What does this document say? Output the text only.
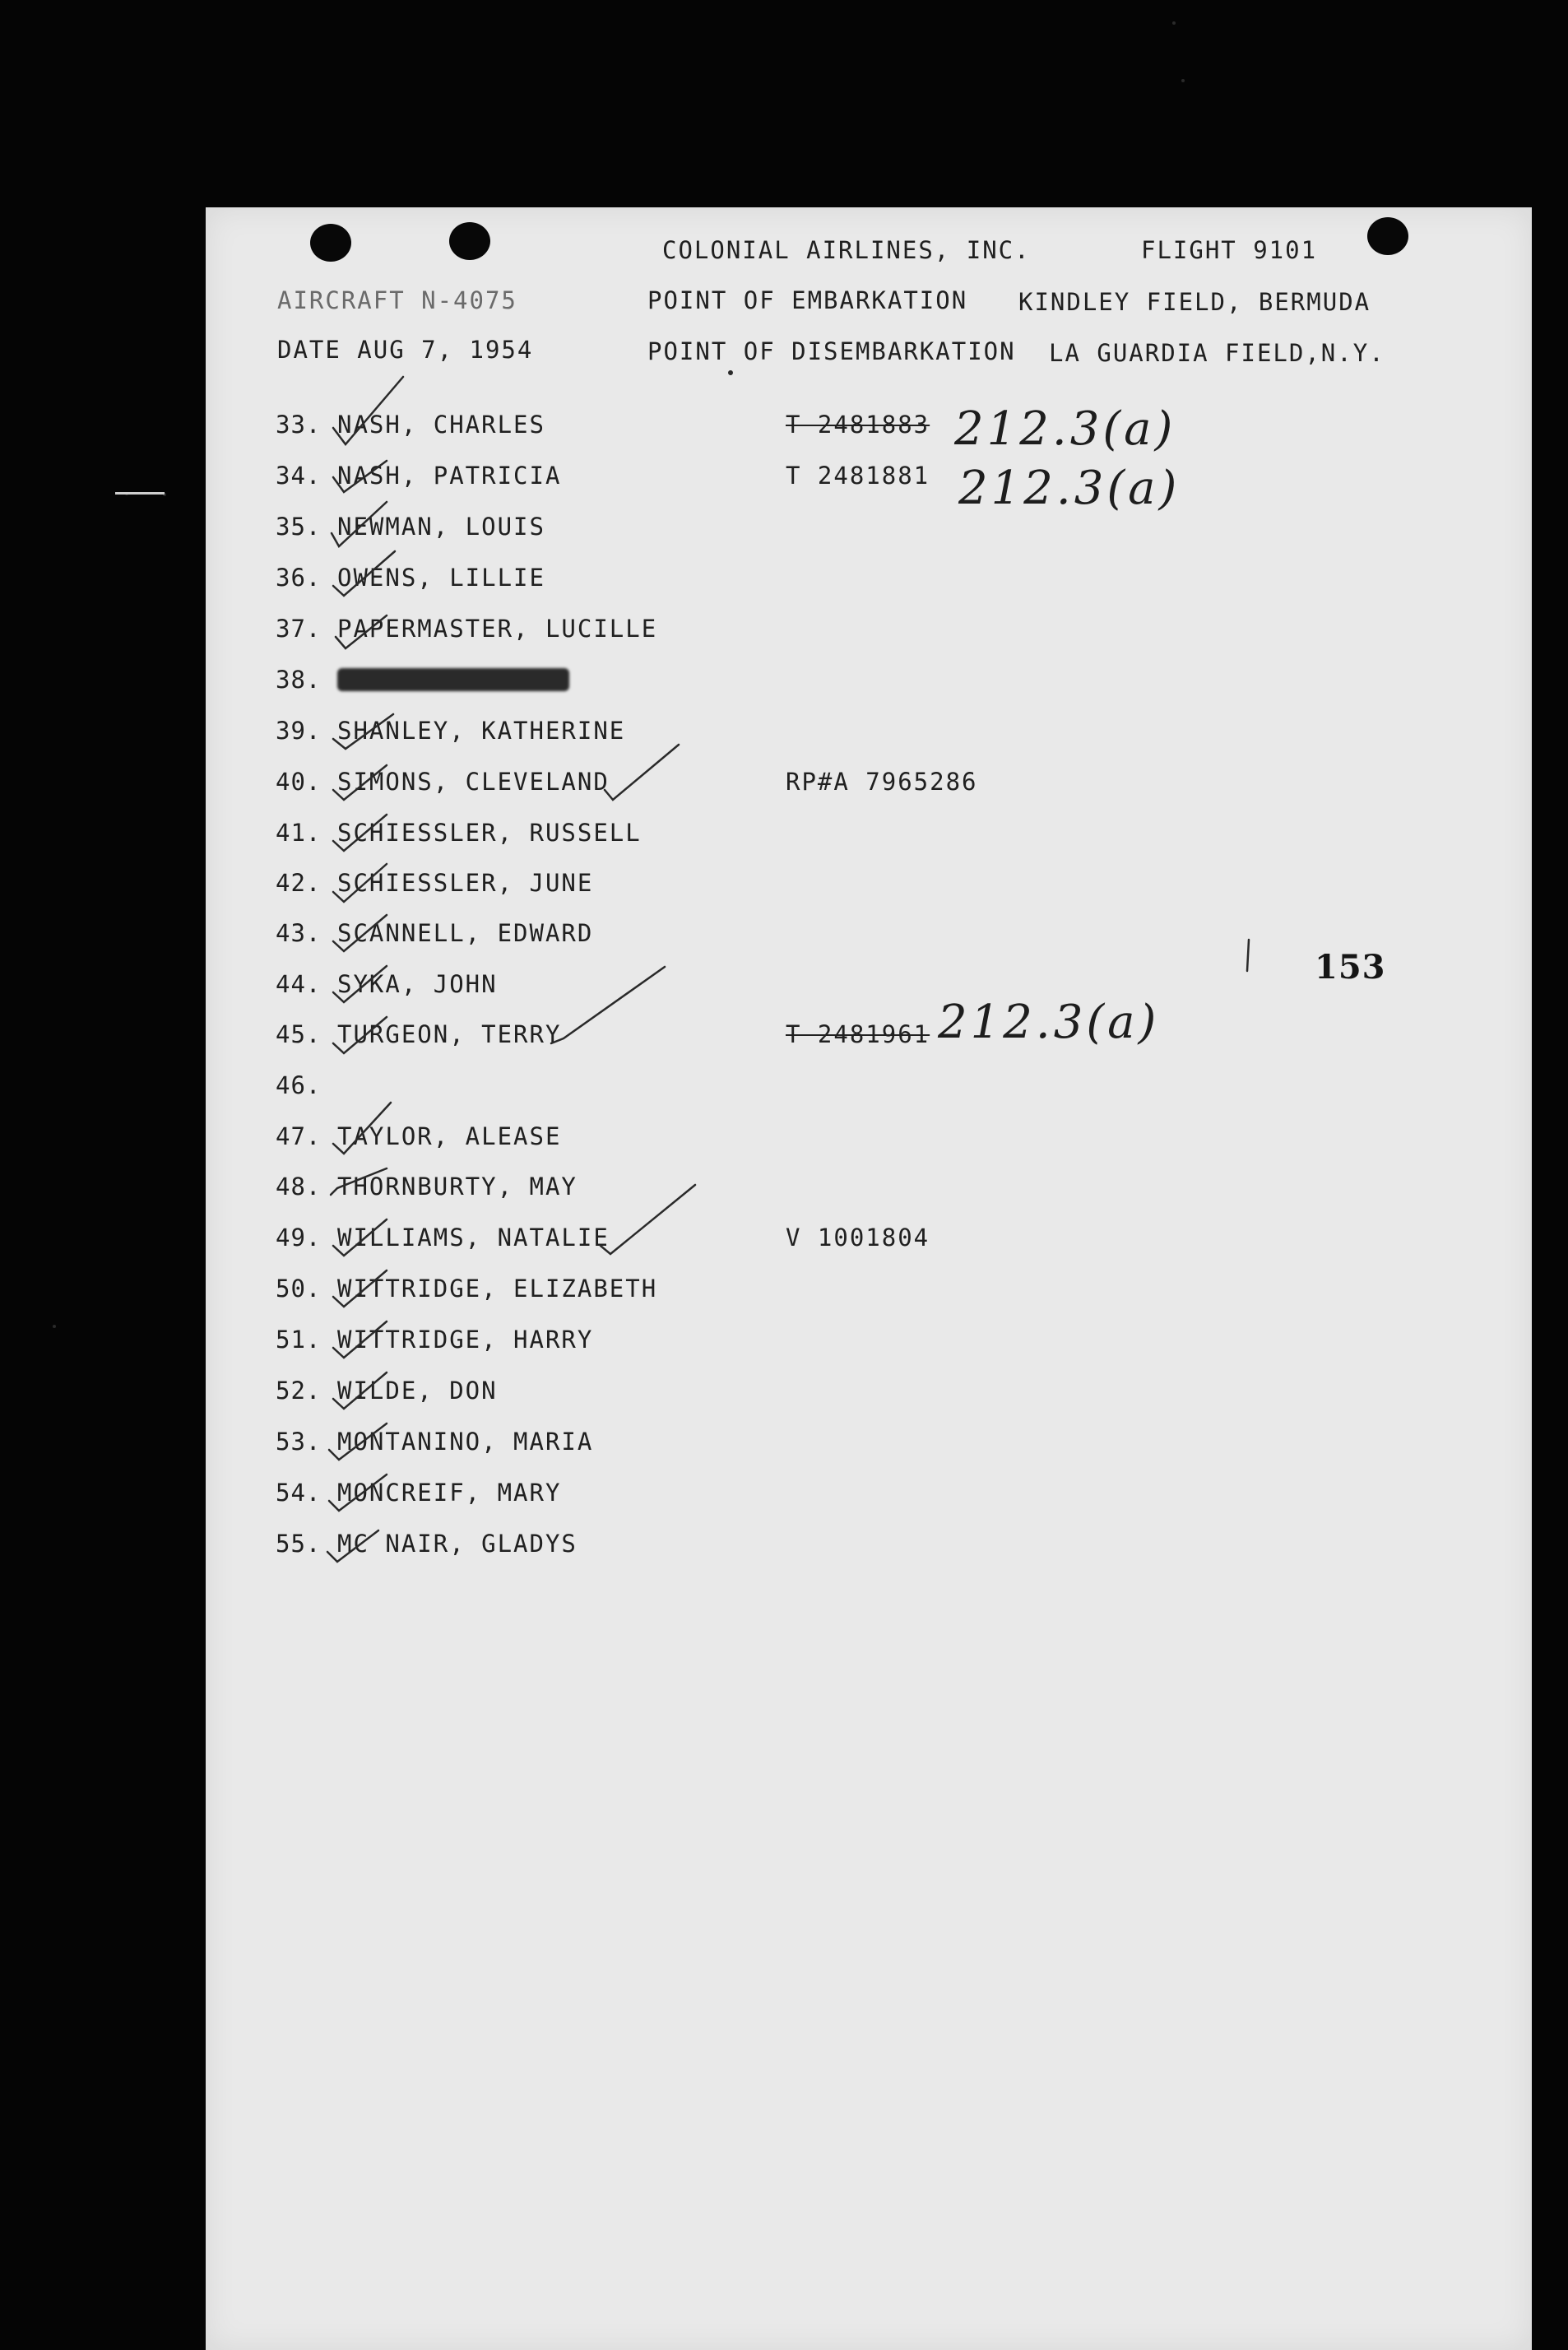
COLONIAL AIRLINES, INC.	FLIGHT 9101
AIRCRAFT N-4075	POINT OF EMBARKATION KINDLEY FIELD, BERMUDA
DATE AUG 7, 1954	POINT OF DISEMBARKATION LA GUARDIA FIELD,N.Y.
33. NASH, CHARLES	T 2481883 212.3(a)
34. NASH, PATRICIA	T 2481881 212.3(a)
35. NEWMAN, LOUIS
36. OWENS, LILLIE
37. PAPERMASTER, LUCILLE
38.
39. SHANLEY, KATHERINE
40. SIMONS, CLEVELAND	RP#A 7965286
41. SCHIESSLER, RUSSELL
42. SCHIESSLER, JUNE
43. SCANNELL, EDWARD
44. SYKA, JOHN
45. TURGEON, TERRY	T 2481961 212.3(a)
46.
47. TAYLOR, ALEASE
48. THORNBURTY, MAY
49. WILLIAMS, NATALIE	V 1001804
50. WITTRIDGE, ELIZABETH
51. WITTRIDGE, HARRY
52. WILDE, DON
53. MONTANINO, MARIA
54. MONCREIF, MARY
55. MC NAIR, GLADYS
153
